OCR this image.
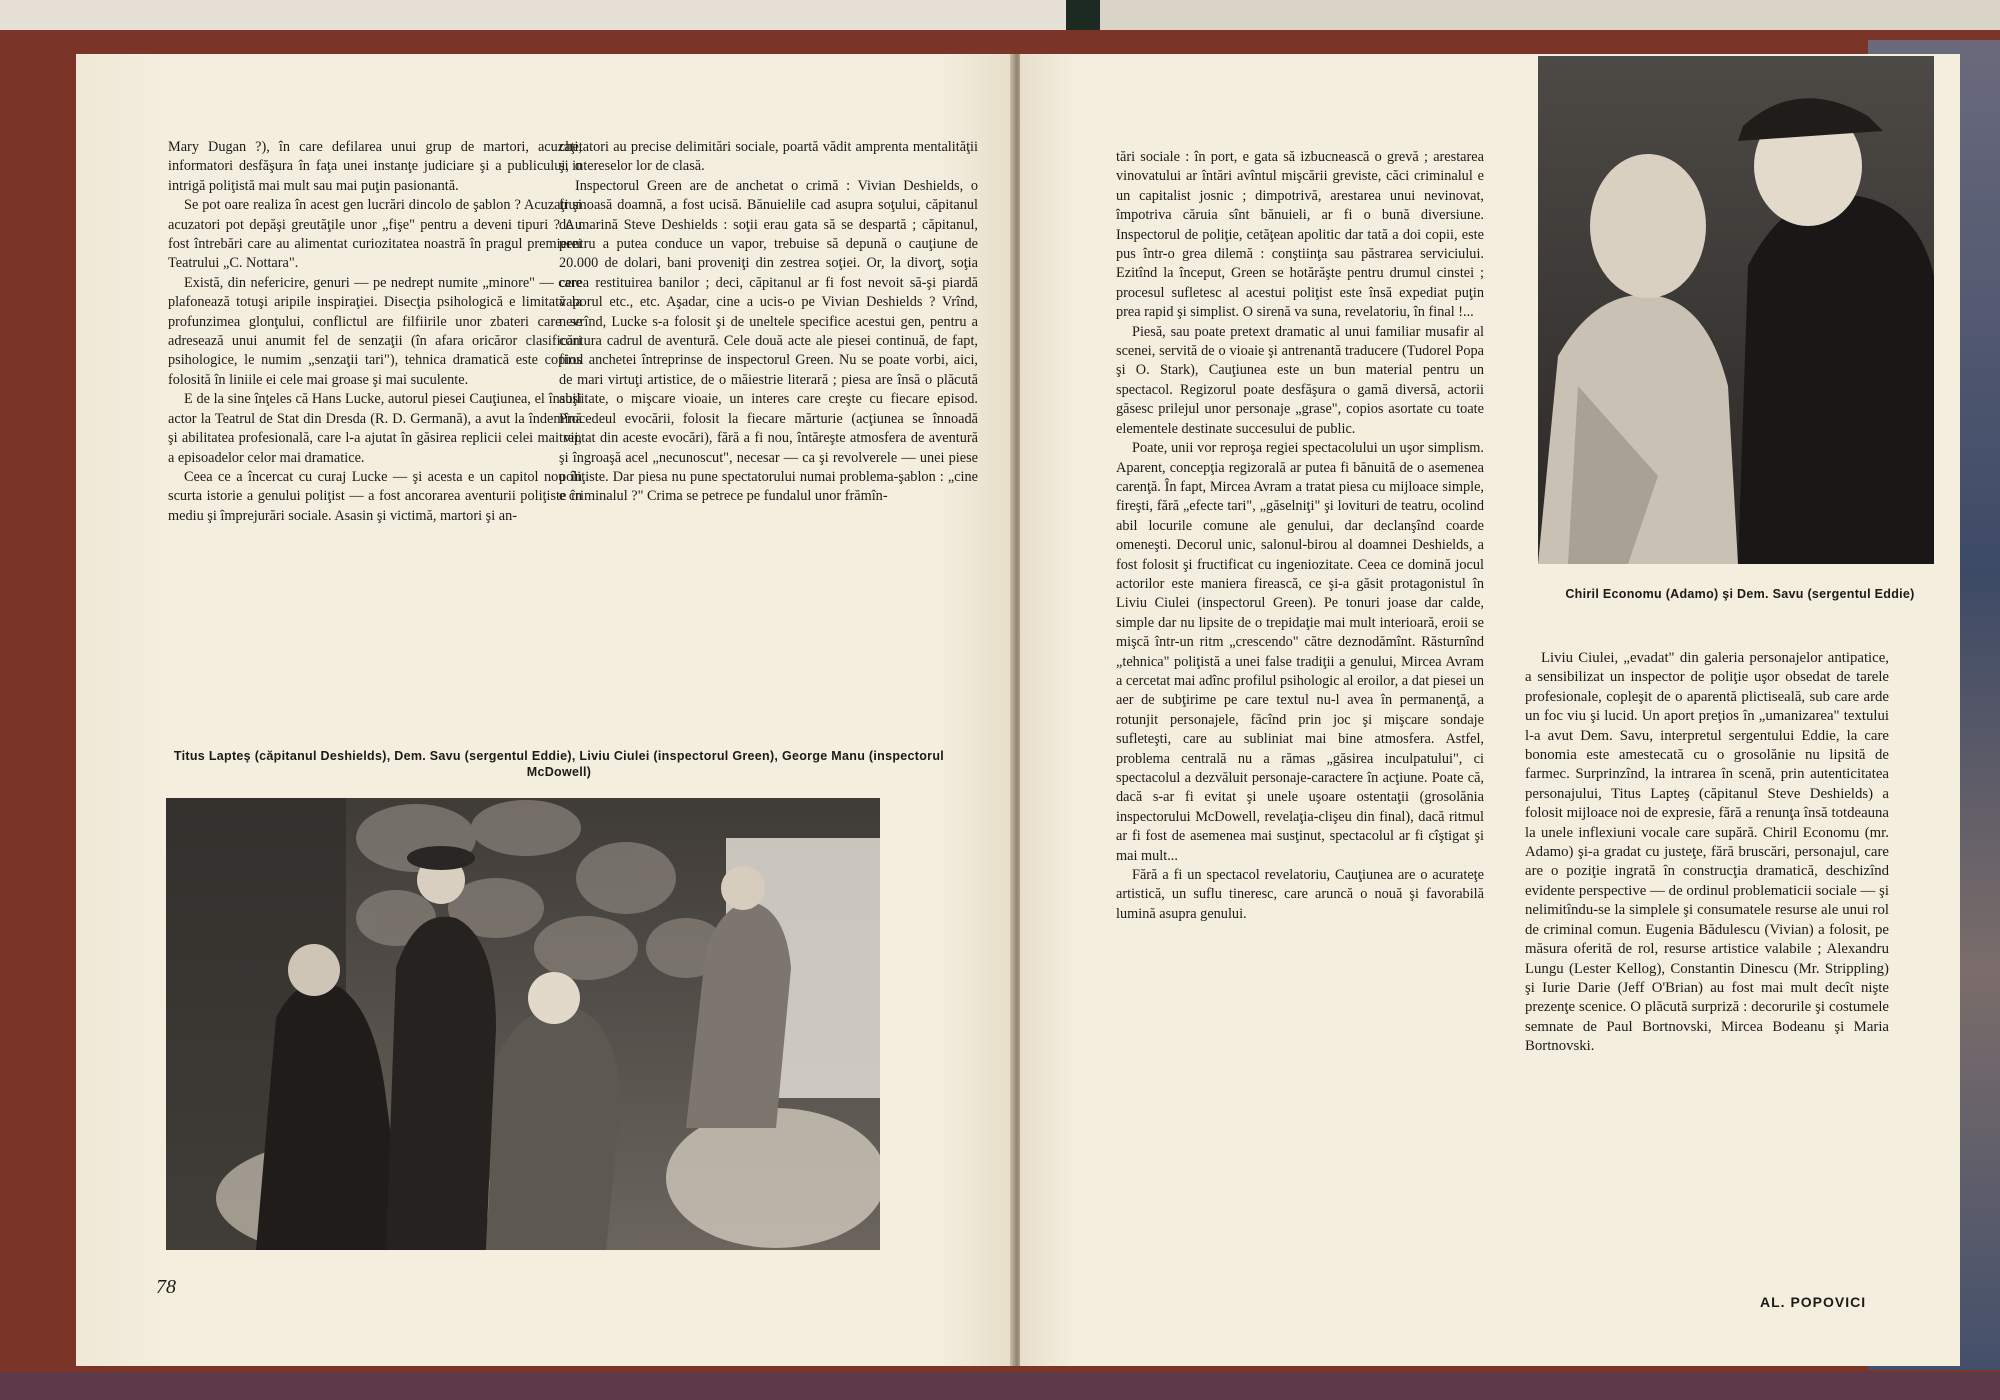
Mary Dugan ?), în care defilarea unui grup de martori, acuzaţi, informatori desfăşura în faţa unei instanţe judiciare şi a publicului, o intrigă poliţistă mai mult sau mai puţin pasionantă.

Se pot oare realiza în acest gen lucrări dincolo de şablon ? Acuzaţi şi acuzatori pot depăşi greutăţile unor „fişe" pentru a deveni tipuri ? Au fost întrebări care au alimentat curiozitatea noastră în pragul premierei Teatrului „C. Nottara".

Există, din nefericire, genuri — pe nedrept numite „minore" — care plafonează totuşi aripile inspiraţiei. Disecţia psihologică e limitată la profunzimea glonţului, conflictul are filfiirile unor zbateri care se adresează unui anumit fel de senzaţii (în afara oricăror clasificări psihologice, le numim „senzaţii tari"), tehnica dramatică este copios folosită în liniile ei cele mai groase şi mai suculente.

E de la sine înţeles că Hans Lucke, autorul piesei Cauţiunea, el însuşi actor la Teatrul de Stat din Dresda (R. D. Germană), a avut la îndemînă şi abilitatea profesională, care l-a ajutat în găsirea replicii celei mai vii, a episoadelor celor mai dramatice.

Ceea ce a încercat cu curaj Lucke — şi acesta e un capitol nou în scurta istorie a genului poliţist — a fost ancorarea aventurii poliţiste în mediu şi împrejurări sociale. Asasin şi victimă, martori şi an-

chetatori au precise delimitări sociale, poartă vădit amprenta mentalităţii şi intereselor lor de clasă.

Inspectorul Green are de anchetat o crimă : Vivian Deshields, o frumoasă doamnă, a fost ucisă. Bănuielile cad asupra soţului, căpitanul de marină Steve Deshields : soţii erau gata să se despartă ; căpitanul, pentru a putea conduce un vapor, trebuise să depună o cauţiune de 20.000 de dolari, bani proveniţi din zestrea soţiei. Or, la divorţ, soţia cerea restituirea banilor ; deci, căpitanul ar fi fost nevoit să-şi piardă vaporul etc., etc. Aşadar, cine a ucis-o pe Vivian Deshields ? Vrînd, nevrînd, Lucke s-a folosit şi de uneltele specifice acestui gen, pentru a contura cadrul de aventură. Cele două acte ale piesei continuă, de fapt, firul anchetei întreprinse de inspectorul Green. Nu se poate vorbi, aici, de mari virtuţi artistice, de o măiestrie literară ; piesa are însă o plăcută abilitate, o mişcare vioaie, un interes care creşte cu fiecare episod. Procedeul evocării, folosit la fiecare mărturie (acţiunea se înnoadă treptat din aceste evocări), fără a fi nou, întăreşte atmosfera de aventură şi îngroaşă acel „necunoscut", necesar — ca şi revolverele — unei piese poliţiste. Dar piesa nu pune spectatorului numai problema-şablon : „cine e criminalul ?" Crima se petrece pe fundalul unor frămîn-

Titus Lapteş (căpitanul Deshields), Dem. Savu (sergentul Eddie), Liviu Ciulei (inspectorul Green), George Manu (inspectorul McDowell)
78

tări sociale : în port, e gata să izbucnească o grevă ; arestarea vinovatului ar întări avîntul mişcării greviste, căci criminalul e un capitalist josnic ; dimpotrivă, arestarea unui nevinovat, împotriva căruia sînt bănuieli, ar fi o bună diversiune. Inspectorul de poliţie, cetăţean apolitic dar tată a doi copii, este pus într-o grea dilemă : conştiinţa sau păstrarea serviciului. Ezitînd la început, Green se hotărăşte pentru drumul cinstei ; procesul sufletesc al acestui poliţist este însă expediat puţin prea rapid şi simplist. O sirenă va suna, revelatoriu, în final !...

Piesă, sau poate pretext dramatic al unui familiar musafir al scenei, servită de o vioaie şi antrenantă traducere (Tudorel Popa şi O. Stark), Cauţiunea este un bun material pentru un spectacol. Regizorul poate desfăşura o gamă diversă, actorii găsesc prilejul unor personaje „grase", copios asortate cu toate elementele destinate succesului de public.

Poate, unii vor reproşa regiei spectacolului un uşor simplism. Aparent, concepţia regizorală ar putea fi bănuită de o asemenea carenţă. În fapt, Mircea Avram a tratat piesa cu mijloace simple, fireşti, fără „efecte tari", „găselniţi" şi lovituri de teatru, ocolind abil locurile comune ale genului, dar declanşînd coarde omeneşti. Decorul unic, salonul-birou al doamnei Deshields, a fost folosit şi fructificat cu ingeniozitate. Ceea ce domină jocul actorilor este maniera firească, ce şi-a găsit protagonistul în Liviu Ciulei (inspectorul Green). Pe tonuri joase dar calde, simple dar nu lipsite de o trepidaţie mai mult interioară, eroii se mişcă într-un ritm „crescendo" către deznodămînt. Răsturnînd „tehnica" poliţistă a unei false tradiţii a genului, Mircea Avram a cercetat mai adînc profilul psihologic al eroilor, a dat piesei un aer de subţirime pe care textul nu-l avea în permanenţă, a rotunjit personajele, făcînd prin joc şi mişcare sondaje sufleteşti, care au subliniat mai bine atmosfera. Astfel, problema centrală nu a rămas „găsirea inculpatului", ci spectacolul a dezvăluit personaje-caractere în acţiune. Poate că, dacă s-ar fi evitat şi unele uşoare ostentaţii (grosolănia inspectorului McDowell, revelaţia-clişeu din final), dacă ritmul ar fi fost de asemenea mai susţinut, spectacolul ar fi cîştigat şi mai mult...

Fără a fi un spectacol revelatoriu, Cauţiunea are o acurateţe artistică, un suflu tineresc, care aruncă o nouă şi favorabilă lumină asupra genului.

Chiril Economu (Adamo) şi Dem. Savu (sergentul Eddie)

Liviu Ciulei, „evadat" din galeria personajelor antipatice, a sensibilizat un inspector de poliţie uşor obsedat de tarele profesionale, copleşit de o aparentă plictiseală, sub care arde un foc viu şi lucid. Un aport preţios în „umanizarea" textului l-a avut Dem. Savu, interpretul sergentului Eddie, la care bonomia este amestecată cu o grosolănie nu lipsită de farmec. Surprinzînd, la intrarea în scenă, prin autenticitatea personajului, Titus Lapteş (căpitanul Steve Deshields) a folosit mijloace noi de expresie, fără a renunţa însă totdeauna la unele inflexiuni vocale care supără. Chiril Economu (mr. Adamo) şi-a gradat cu justeţe, fără bruscări, personajul, care are o poziţie ingrată în construcţia dramatică, deschizînd evidente perspective — de ordinul problematicii sociale — şi nelimitîndu-se la simplele şi consumatele resurse ale unui rol de criminal comun. Eugenia Bădulescu (Vivian) a folosit, pe măsura oferită de rol, resurse artistice valabile ; Alexandru Lungu (Lester Kellog), Constantin Dinescu (Mr. Strippling) şi Iurie Darie (Jeff O'Brian) au fost mai mult decît nişte prezenţe scenice. O plăcută surpriză : decorurile şi costumele semnate de Paul Bortnovski, Mircea Bodeanu şi Maria Bortnovski.

AL. POPOVICI
